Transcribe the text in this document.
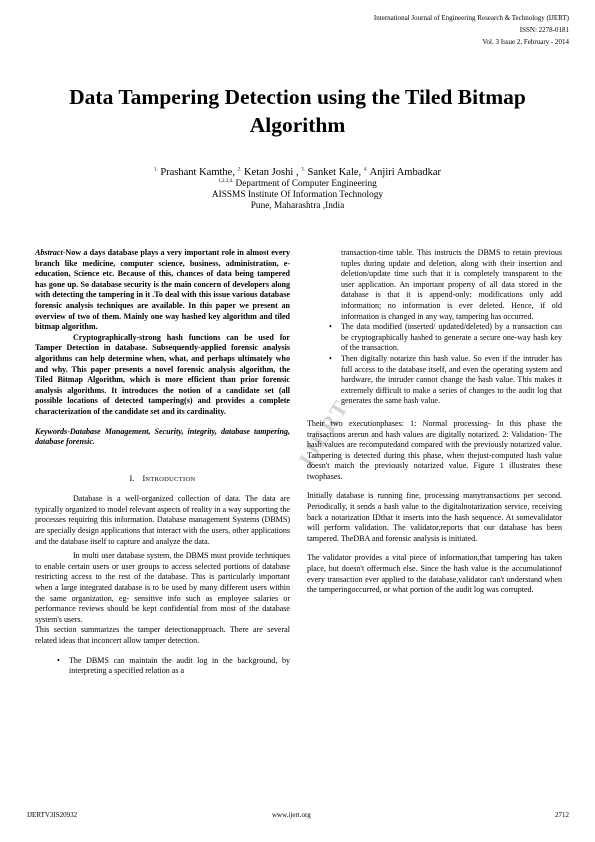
International Journal of Engineering Research & Technology (IJERT)
ISSN: 2278-0181
Vol. 3 Issue 2, February - 2014
Data Tampering Detection using the Tiled Bitmap Algorithm
$^{1.}$ Prashant Kamthe, $^{2.}$ Ketan Joshi , $^{3.}$ Sanket Kale, $^{4.}$ Anjiri Ambadkar
$^{1,2,3,4.}$ Department of Computer Engineering
AISSMS Institute Of Information Technology
Pune, Maharashtra ,India
IJERT

Abstract-Now a days database plays a very important role in almost every branch like medicine, computer science, business, administration, e-education, Science etc. Because of this, chances of data being tampered has gone up. So database security is the main concern of developers along with detecting the tampering in it .To deal with this issue various database forensic analysis techniques are available. In this paper we present an overview of two of them. Mainly one way hashed key algorithm and tiled bitmap algorithm.

Cryptographically-strong hash functions can be used for Tamper Detection in database. Subsequently-applied forensic analysis algorithms can help determine when, what, and perhaps ultimately who and why. This paper presents a novel forensic analysis algorithm, the Tiled Bitmap Algorithm, which is more efficient than prior forensic analysis algorithms. It introduces the notion of a candidate set (all possible locations of detected tampering(s) and provides a complete characterization of the candidate set and its cardinality.

Keywords-Database Management, Security, integrity, database tampering, database forensic.

I. INTRODUCTION

Database is a well-organized collection of data. The data are typically organized to model relevant aspects of reality in a way supporting the processes requiring this information. Database management Systems (DBMS) are specially design applications that interact with the users, other applications and the database itself to capture and analyze the data.

In multi user database system, the DBMS must provide techniques to enable certain users or user groups to access selected portions of database restricting access to the rest of the database. This is particularly important when a large integrated database is to be used by many different users within the same organization, eg- sensitive info such as employee salaries or performance reviews should be kept confidential from most of the database system's users.

This section summarizes the tamper detectionapproach. There are several related ideas that inconcert allow tamper detection.

• The DBMS can maintain the audit log in the background, by interpreting a specified relation as a
transaction-time table. This instructs the DBMS to retain previous tuples during update and deletion, along with their insertion and deletion/update time such that it is completely transparent to the user application. An important property of all data stored in the database is that it is append-only: modifications only add information; no information is ever deleted. Hence, if old information is changed in any way, tampering has occurred.
• The data modified (inserted/ updated/deleted) by a transaction can be cryptographically hashed to generate a secure one-way hash key of the transaction.
• Then digitally notarize this hash value. So even if the intruder has full access to the database itself, and even the operating system and hardware, the intruder cannot change the hash value. This makes it extremely difficult to make a series of changes to the audit log that generates the same hash value.

Their two executionphases: 1: Normal processing- In this phase the transactions arerun and hash values are digitally notarized. 2: Validation- The hash values are recomputedand compared with the previously notarized value. Tampering is detected during this phase, when thejust-computed hash value doesn't match the previously notarized value. Figure 1 illustrates these twophases.

Initially database is running fine, processing manytransactions per second. Periodically, it sends a hash value to the digitalnotarization service, receiving back a notarization IDthat it inserts into the hash sequence. At somevalidator will perform validation. The validator,reports that our database has been tampered. TheDBA and forensic analysis is initiated.

The validator provides a vital piece of information,that tampering has taken place, but doesn't offermuch else. Since the hash value is the accumulationof every transaction ever applied to the database,validator can't understand when the tamperingoccurred, or what portion of the audit log was corrupted.

IJERTV3IS20932	www.ijert.org	2712
